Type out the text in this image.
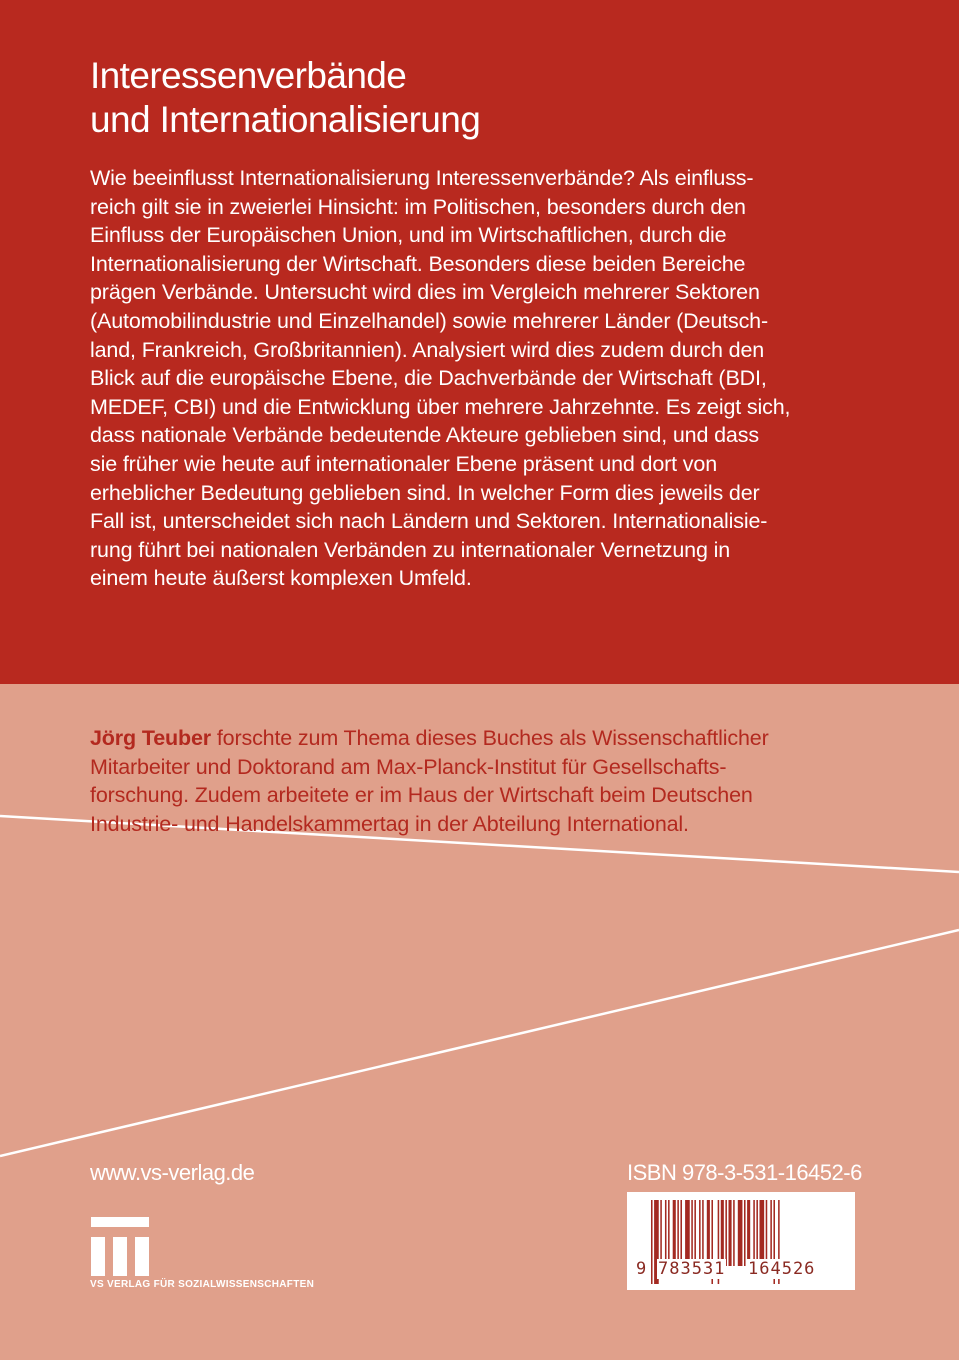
Interessenverbände
und Internationalisierung
Wie beeinflusst Internationalisierung Interessenverbände? Als einfluss-
reich gilt sie in zweierlei Hinsicht: im Politischen, besonders durch den
Einfluss der Europäischen Union, und im Wirtschaftlichen, durch die
Internationalisierung der Wirtschaft. Besonders diese beiden Bereiche
prägen Verbände. Untersucht wird dies im Vergleich mehrerer Sektoren
(Automobilindustrie und Einzelhandel) sowie mehrerer Länder (Deutsch-
land, Frankreich, Großbritannien). Analysiert wird dies zudem durch den
Blick auf die europäische Ebene, die Dachverbände der Wirtschaft (BDI,
MEDEF, CBI) und die Entwicklung über mehrere Jahrzehnte. Es zeigt sich,
dass nationale Verbände bedeutende Akteure geblieben sind, und dass
sie früher wie heute auf internationaler Ebene präsent und dort von
erheblicher Bedeutung geblieben sind. In welcher Form dies jeweils der
Fall ist, unterscheidet sich nach Ländern und Sektoren. Internationalisie-
rung führt bei nationalen Verbänden zu internationaler Vernetzung in
einem heute äußerst komplexen Umfeld.
Jörg Teuber forschte zum Thema dieses Buches als Wissenschaftlicher
Mitarbeiter und Doktorand am Max-Planck-Institut für Gesellschafts-
forschung. Zudem arbeitete er im Haus der Wirtschaft beim Deutschen
Industrie- und Handelskammertag in der Abteilung International.
www.vs-verlag.de
VS VERLAG FÜR SOZIALWISSENSCHAFTEN
ISBN 978-3-531-16452-6
9 783531 164526
